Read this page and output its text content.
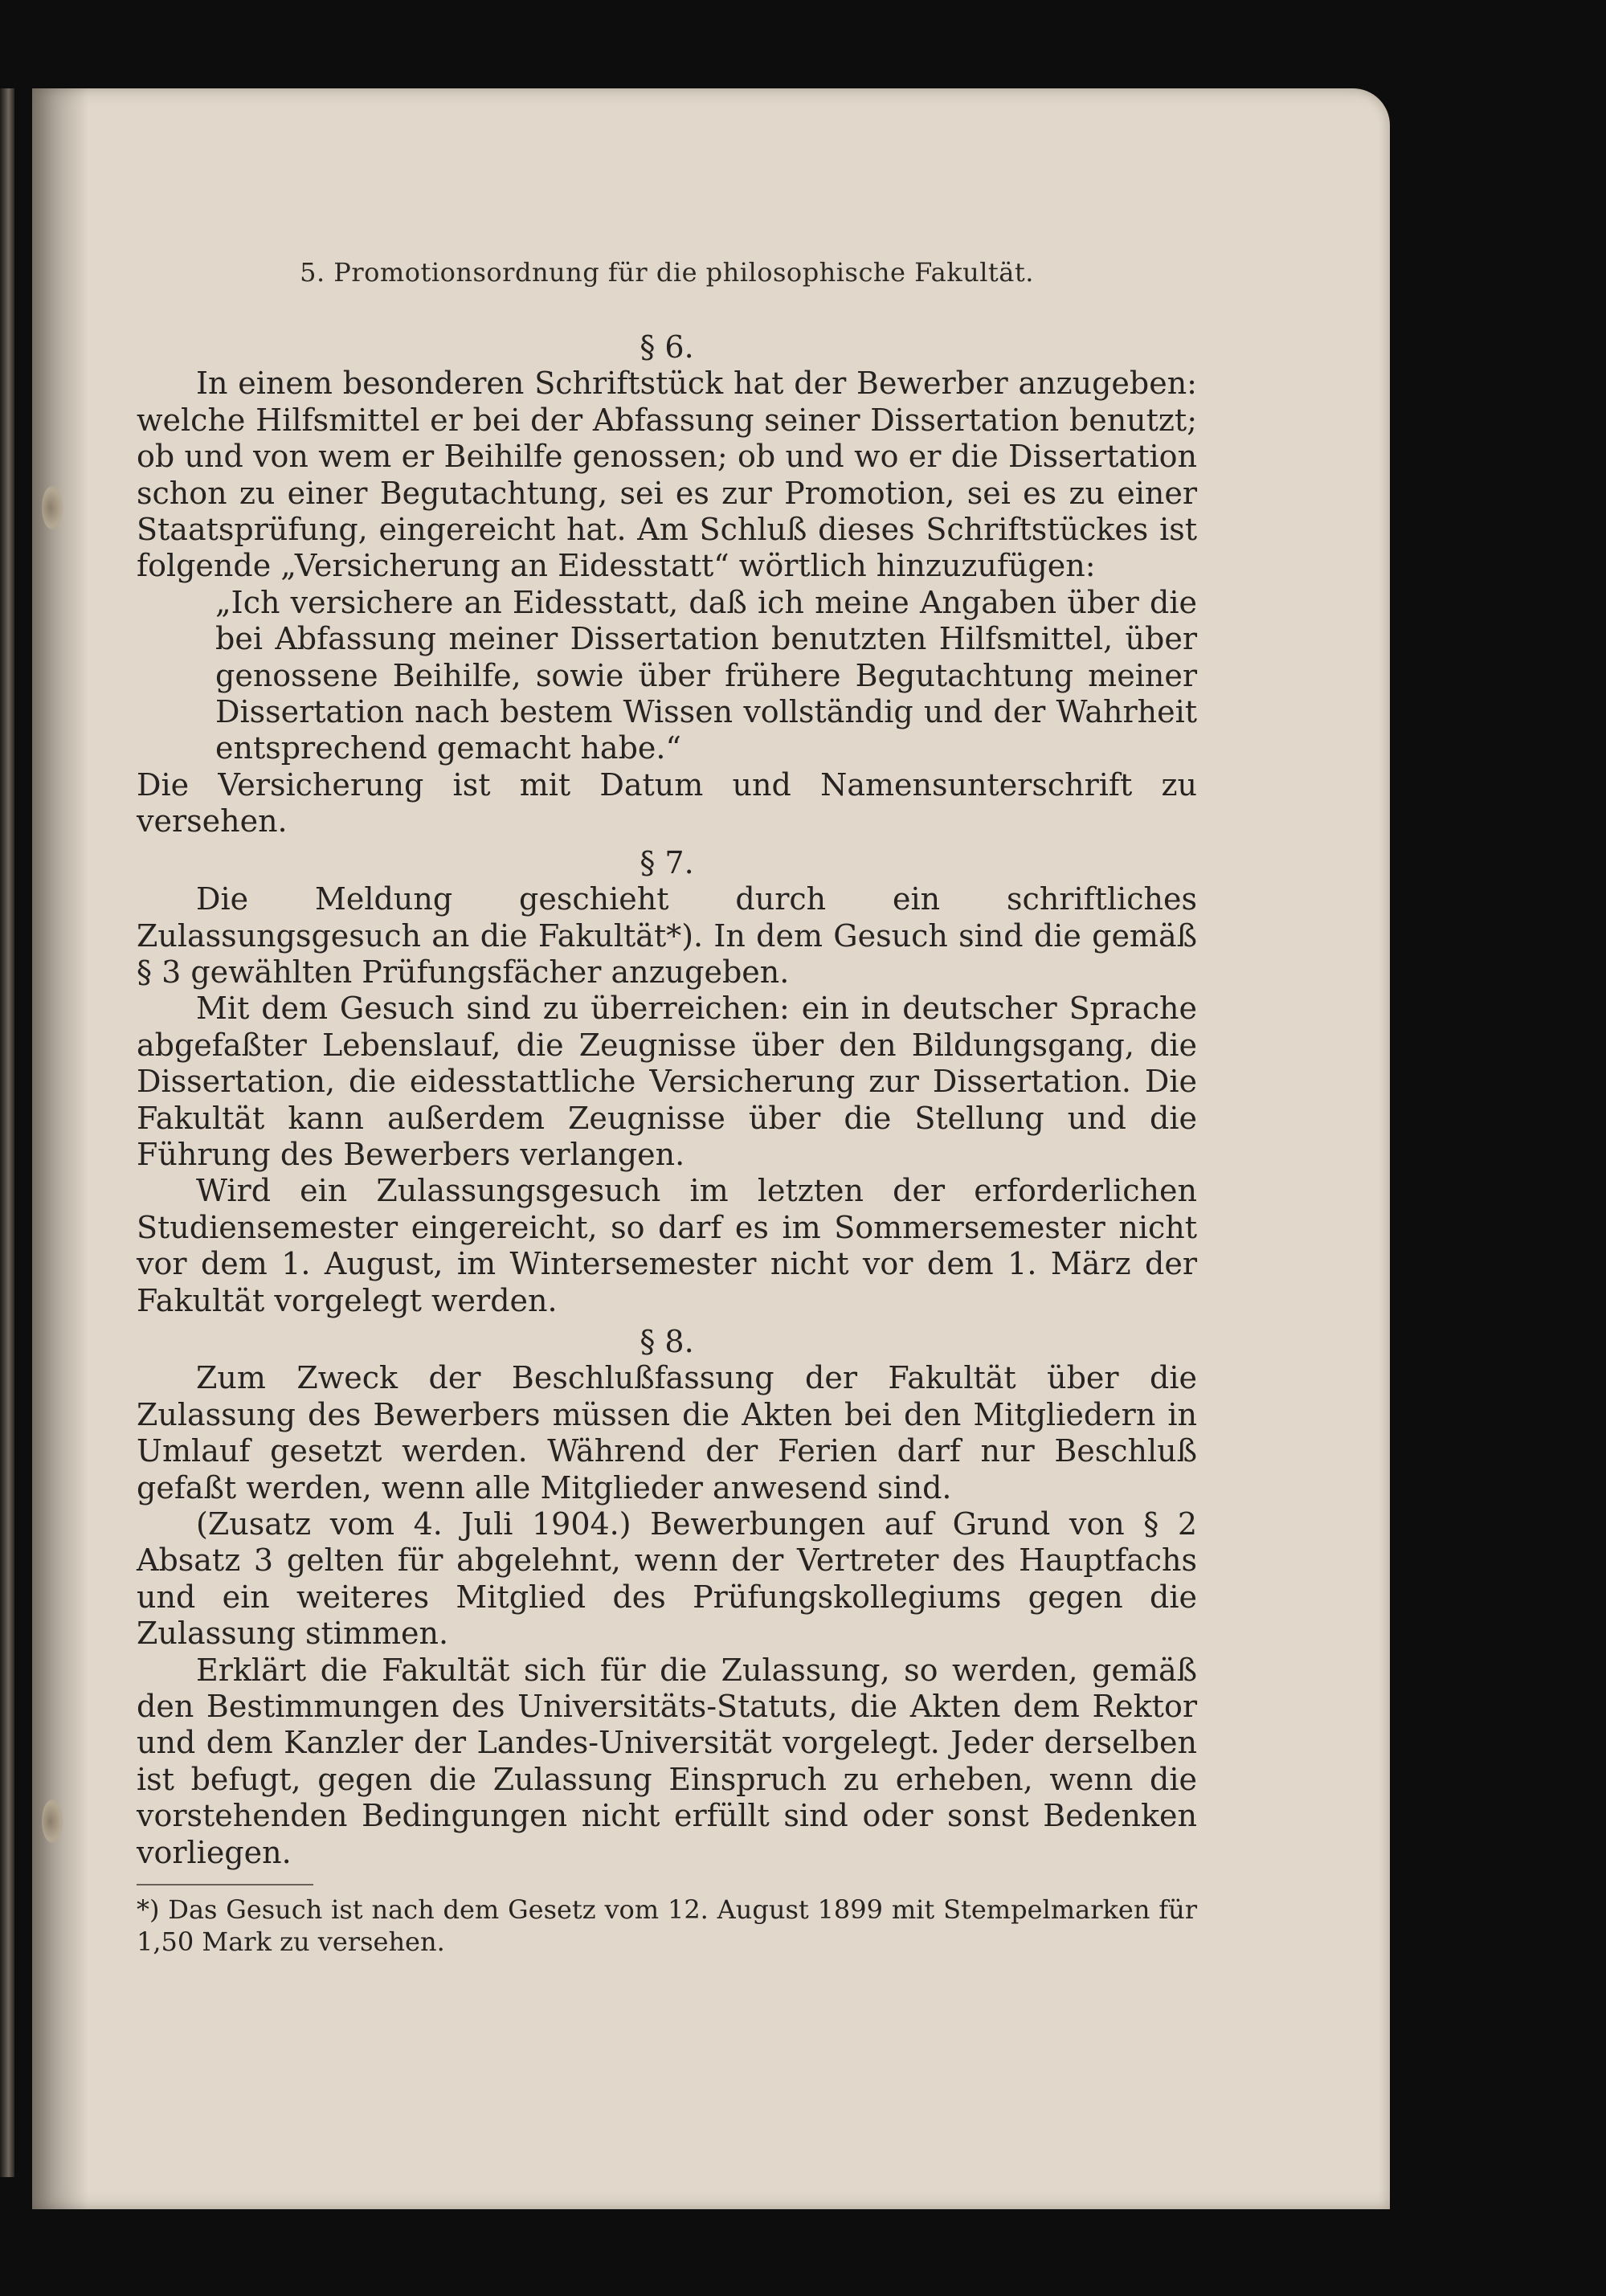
5. Promotionsordnung für die philosophische Fakultät.

§ 6.

In einem besonderen Schriftstück hat der Bewerber anzugeben: welche Hilfsmittel er bei der Abfassung seiner Dissertation benutzt; ob und von wem er Beihilfe genossen; ob und wo er die Dissertation schon zu einer Begutachtung, sei es zur Promotion, sei es zu einer Staatsprüfung, eingereicht hat. Am Schluß dieses Schriftstückes ist folgende „Versicherung an Eidesstatt“ wörtlich hinzuzufügen:

„Ich versichere an Eidesstatt, daß ich meine Angaben über die bei Abfassung meiner Dissertation benutzten Hilfsmittel, über genossene Beihilfe, sowie über frühere Begutachtung meiner Dissertation nach bestem Wissen vollständig und der Wahrheit entsprechend gemacht habe.“

Die Versicherung ist mit Datum und Namensunterschrift zu versehen.

§ 7.

Die Meldung geschieht durch ein schriftliches Zulassungsgesuch an die Fakultät*). In dem Gesuch sind die gemäß § 3 gewählten Prüfungsfächer anzugeben.

Mit dem Gesuch sind zu überreichen: ein in deutscher Sprache abgefaßter Lebenslauf, die Zeugnisse über den Bildungsgang, die Dissertation, die eidesstattliche Versicherung zur Dissertation. Die Fakultät kann außerdem Zeugnisse über die Stellung und die Führung des Bewerbers verlangen.

Wird ein Zulassungsgesuch im letzten der erforderlichen Studiensemester eingereicht, so darf es im Sommersemester nicht vor dem 1. August, im Wintersemester nicht vor dem 1. März der Fakultät vorgelegt werden.

§ 8.

Zum Zweck der Beschlußfassung der Fakultät über die Zulassung des Bewerbers müssen die Akten bei den Mitgliedern in Umlauf gesetzt werden. Während der Ferien darf nur Beschluß gefaßt werden, wenn alle Mitglieder anwesend sind.

(Zusatz vom 4. Juli 1904.) Bewerbungen auf Grund von § 2 Absatz 3 gelten für abgelehnt, wenn der Vertreter des Hauptfachs und ein weiteres Mitglied des Prüfungskollegiums gegen die Zulassung stimmen.

Erklärt die Fakultät sich für die Zulassung, so werden, gemäß den Bestimmungen des Universitäts-Statuts, die Akten dem Rektor und dem Kanzler der Landes-Universität vorgelegt. Jeder derselben ist befugt, gegen die Zulassung Einspruch zu erheben, wenn die vorstehenden Bedingungen nicht erfüllt sind oder sonst Bedenken vorliegen.

*) Das Gesuch ist nach dem Gesetz vom 12. August 1899 mit Stempelmarken für 1,50 Mark zu versehen.
